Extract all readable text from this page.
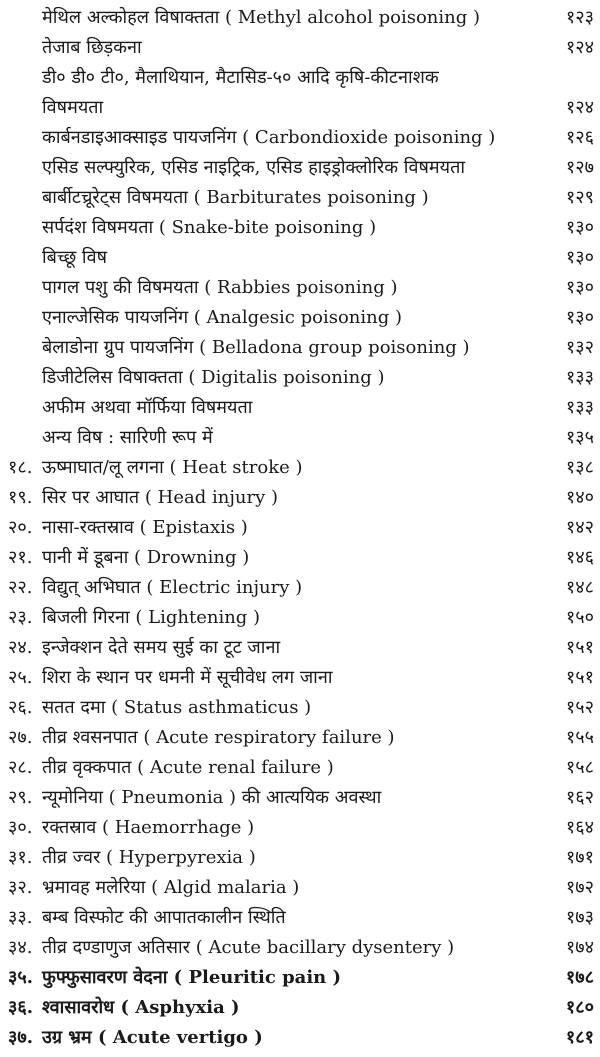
मेथिल अल्कोहल विषाक्तता ( Methyl alcohol poisoning )	१२३
तेजाब छिड़कना	१२४
डी० डी० टी०, मैलाथियान, मैटासिड-५० आदि कृषि-कीटनाशक
विषमयता	१२४
कार्बनडाइआक्साइड पायजनिंग ( Carbondioxide poisoning )	१२६
एसिड सल्फ्युरिक, एसिड नाइट्रिक, एसिड हाइड्रोक्लोरिक विषमयता	१२७
बार्बीटच्रूरेट्स विषमयता ( Barbiturates poisoning )	१२९
सर्पदंश विषमयता ( Snake-bite poisoning )	१३०
बिच्छू विष	१३०
पागल पशु की विषमयता ( Rabbies poisoning )	१३०
एनाल्जेसिक पायजनिंग ( Analgesic poisoning )	१३०
बेलाडोना ग्रुप पायजनिंग ( Belladona group poisoning )	१३२
डिजीटेलिस विषाक्तता ( Digitalis poisoning )	१३३
अफीम अथवा मॉर्फिया विषमयता	१३३
अन्य विष : सारिणी रूप में	१३५
१८. ऊष्माघात/लू लगना ( Heat stroke )	१३८
१९. सिर पर आघात ( Head injury )	१४०
२०. नासा-रक्तस्राव ( Epistaxis )	१४२
२१. पानी में डूबना ( Drowning )	१४६
२२. विद्युत् अभिघात ( Electric injury )	१४८
२३. बिजली गिरना ( Lightening )	१५०
२४. इन्जेक्शन देते समय सुई का टूट जाना	१५१
२५. शिरा के स्थान पर धमनी में सूचीवेध लग जाना	१५१
२६. सतत दमा ( Status asthmaticus )	१५२
२७. तीव्र श्वसनपात ( Acute respiratory failure )	१५५
२८. तीव्र वृक्कपात ( Acute renal failure )	१५८
२९. न्यूमोनिया ( Pneumonia ) की आत्ययिक अवस्था	१६२
३०. रक्तस्राव ( Haemorrhage )	१६४
३१. तीव्र ज्वर ( Hyperpyrexia )	१७१
३२. भ्रमावह मलेरिया ( Algid malaria )	१७२
३३. बम्ब विस्फोट की आपातकालीन स्थिति	१७३
३४. तीव्र दण्डाणुज अतिसार ( Acute bacillary dysentery )	१७४
३५. फुफ्फुसावरण वेदना ( Pleuritic pain )	१७८
३६. श्वासावरोध ( Asphyxia )	१८०
३७. उग्र भ्रम ( Acute vertigo )	१८१
